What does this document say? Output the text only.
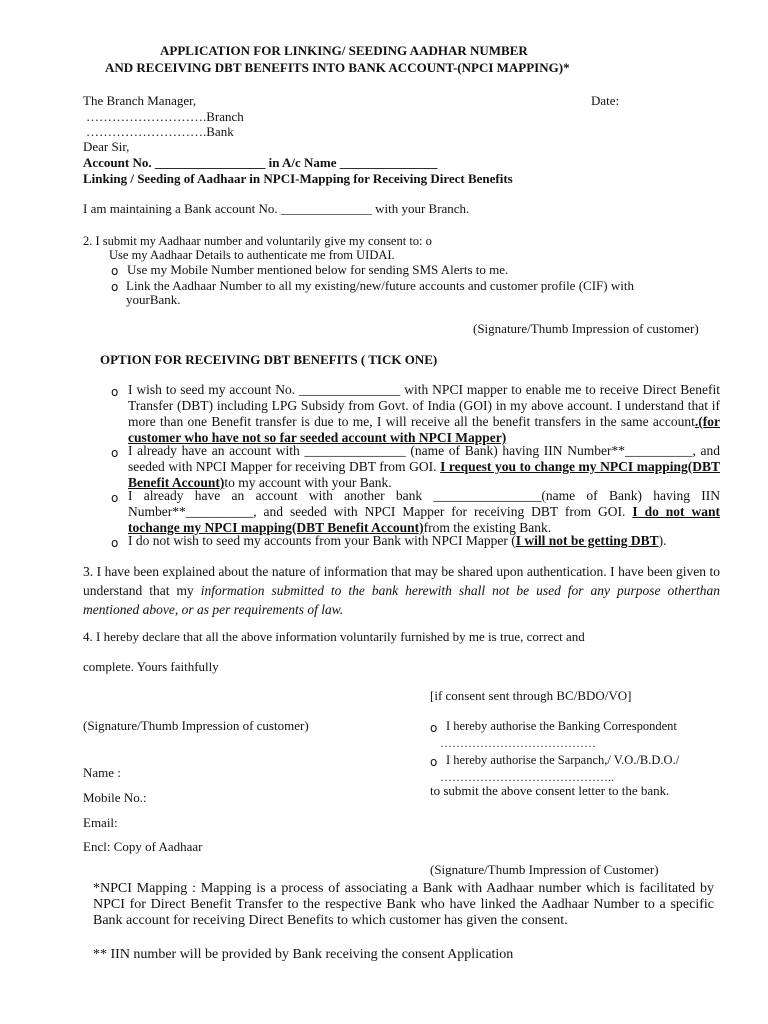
APPLICATION FOR LINKING/ SEEDING AADHAR NUMBER
AND RECEIVING DBT BENEFITS INTO BANK ACCOUNT-(NPCI MAPPING)*
The Branch Manager,	Date:
……………………….Branch
……………………….Bank
Dear Sir,
Account No. _________________ in A/c Name _______________
Linking / Seeding of Aadhaar in NPCI-Mapping for Receiving Direct Benefits
I am maintaining a Bank account No. ______________ with your Branch.
2. I submit my Aadhaar number and voluntarily give my consent to: o
Use my Aadhaar Details to authenticate me from UIDAI.
o Use my Mobile Number mentioned below for sending SMS Alerts to me.
o Link the Aadhaar Number to all my existing/new/future accounts and customer profile (CIF) with
yourBank.
(Signature/Thumb Impression of customer)
OPTION FOR RECEIVING DBT BENEFITS ( TICK ONE)
o I wish to seed my account No. _______________ with NPCI mapper to enable me to receive Direct Benefit Transfer (DBT) including LPG Subsidy from Govt. of India (GOI) in my above account. I understand that if more than one Benefit transfer is due to me, I will receive all the benefit transfers in the same account.(for customer who have not so far seeded account with NPCI Mapper)
o I already have an account with _______________ (name of Bank) having IIN Number**__________, and seeded with NPCI Mapper for receiving DBT from GOI. I request you to change my NPCI mapping(DBT Benefit Account)to my account with your Bank.
o I already have an account with another bank ________________(name of Bank) having IIN Number**__________, and seeded with NPCI Mapper for receiving DBT from GOI. I do not want tochange my NPCI mapping(DBT Benefit Account)from the existing Bank.
o I do not wish to seed my accounts from your Bank with NPCI Mapper (I will not be getting DBT).
3. I have been explained about the nature of information that may be shared upon authentication. I have been given to understand that my information submitted to the bank herewith shall not be used for any purpose otherthan mentioned above, or as per requirements of law.
4. I hereby declare that all the above information voluntarily furnished by me is true, correct and
complete. Yours faithfully
[if consent sent through BC/BDO/VO]
(Signature/Thumb Impression of customer)	o I hereby authorise the Banking Correspondent
…………………………………
o I hereby authorise the Sarpanch,/ V.O./B.D.O./
……………………………………..
to submit the above consent letter to the bank.
Name :
Mobile No.:
Email:
Encl: Copy of Aadhaar
(Signature/Thumb Impression of Customer)
*NPCI Mapping : Mapping is a process of associating a Bank with Aadhaar number which is facilitated by NPCI for Direct Benefit Transfer to the respective Bank who have linked the Aadhaar Number to a specific Bank account for receiving Direct Benefits to which customer has given the consent.
** IIN number will be provided by Bank receiving the consent Application
